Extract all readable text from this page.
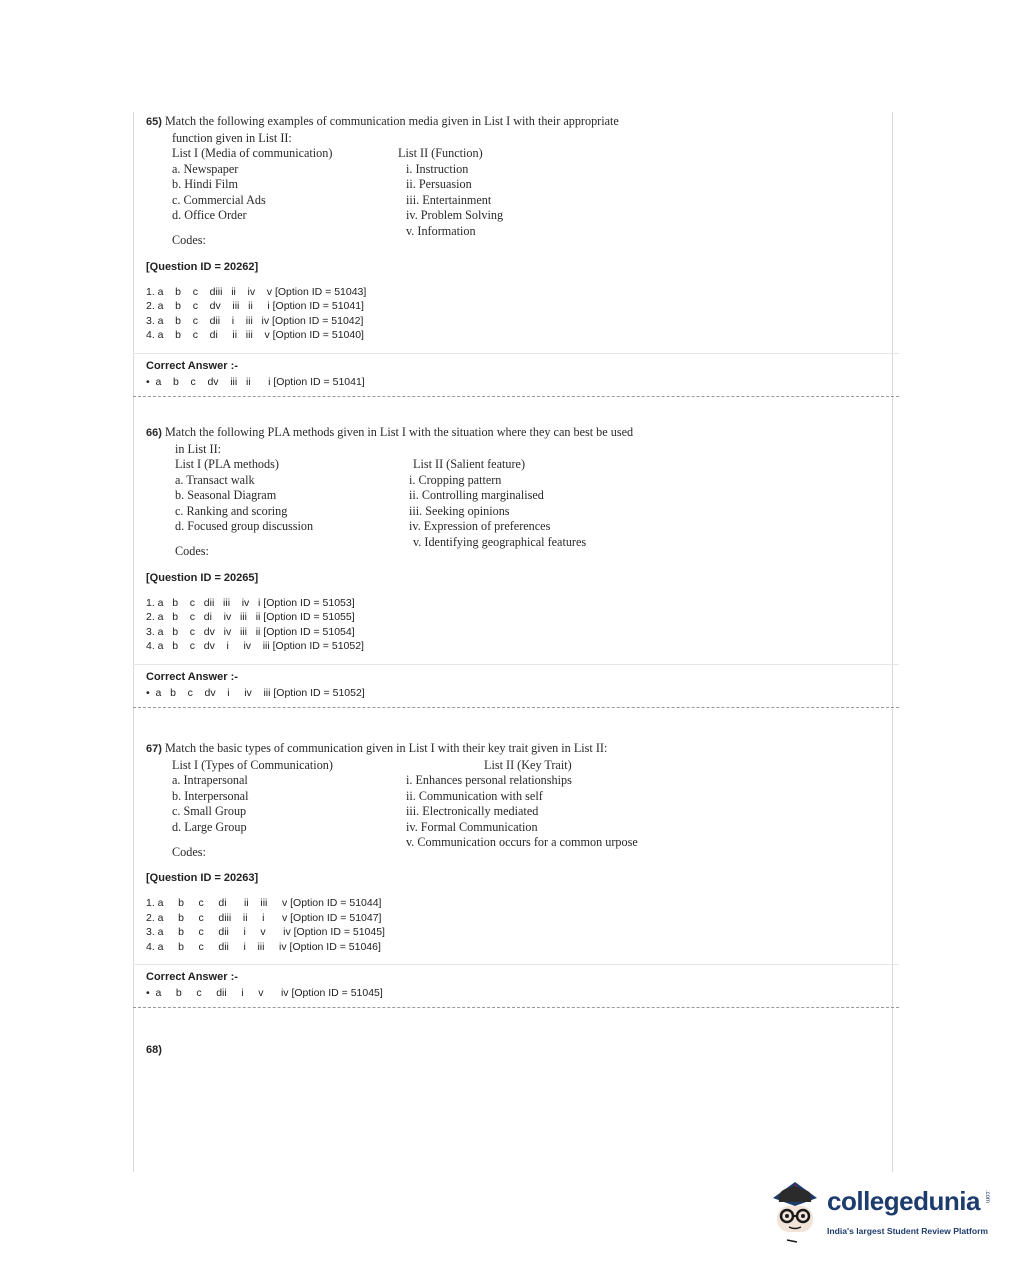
65) Match the following examples of communication media given in List I with their appropriate
function given in List II:
List I (Media of communication)
a. Newspaper
b. Hindi Film
c. Commercial Ads
d. Office Order
List II (Function)
i. Instruction
ii. Persuasion
iii. Entertainment
iv. Problem Solving
v. Information
Codes:
[Question ID = 20262]
1. a    b    c    diii   ii    iv    v [Option ID = 51043]
2. a    b    c    dv    iii   ii     i [Option ID = 51041]
3. a    b    c    dii    i    iii   iv [Option ID = 51042]
4. a    b    c    di     ii   iii    v [Option ID = 51040]
Correct Answer :-
•  a    b    c    dv    iii   ii      i [Option ID = 51041]
66) Match the following PLA methods given in List I with the situation where they can best be used
in List II:
List I (PLA methods)
a. Transact walk
b. Seasonal Diagram
c. Ranking and scoring
d. Focused group discussion
List II (Salient feature)
i. Cropping pattern
ii. Controlling marginalised
iii. Seeking opinions
iv. Expression of preferences
v. Identifying geographical features
Codes:
[Question ID = 20265]
1. a   b    c   dii   iii    iv   i [Option ID = 51053]
2. a   b    c   di    iv   iii   ii [Option ID = 51055]
3. a   b    c   dv   iv   iii   ii [Option ID = 51054]
4. a   b    c   dv    i     iv    iii [Option ID = 51052]
Correct Answer :-
•  a   b    c    dv    i     iv    iii [Option ID = 51052]
67) Match the basic types of communication given in List I with their key trait given in List II:
List I (Types of Communication)
a. Intrapersonal
b. Interpersonal
c. Small Group
d. Large Group
List II (Key Trait)
i. Enhances personal relationships
ii. Communication with self
iii. Electronically mediated
iv. Formal Communication
v. Communication occurs for a common urpose
Codes:
[Question ID = 20263]
1. a     b     c     di      ii    iii     v [Option ID = 51044]
2. a     b     c     diii    ii     i      v [Option ID = 51047]
3. a     b     c     dii     i     v      iv [Option ID = 51045]
4. a     b     c     dii     i    iii     iv [Option ID = 51046]
Correct Answer :-
•  a     b     c     dii     i     v      iv [Option ID = 51045]
68)
collegedunia .com
India's largest Student Review Platform
